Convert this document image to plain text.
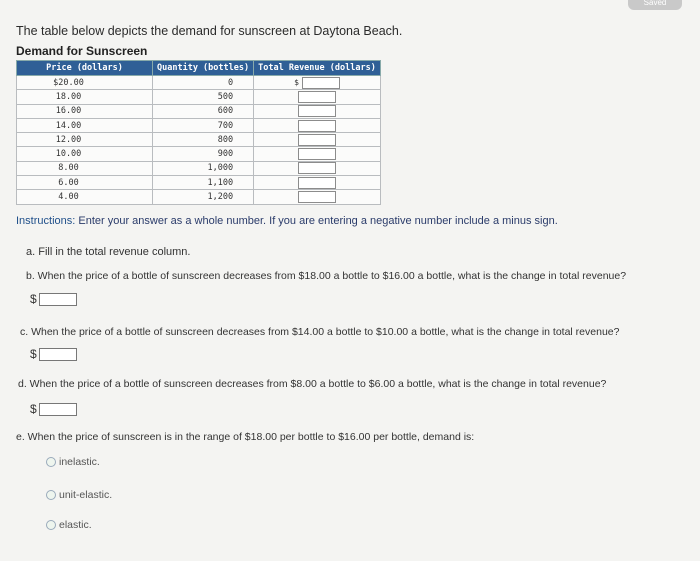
Saved
The table below depicts the demand for sunscreen at Daytona Beach.
Demand for Sunscreen
Price (dollars)	Quantity (bottles)	Total Revenue (dollars)
$20.00	0	$

18.00	500	

16.00	600	

14.00	700	

12.00	800	

10.00	900	

8.00	1,000	

6.00	1,100	

4.00	1,200	
Instructions: Enter your answer as a whole number. If you are entering a negative number include a minus sign.
a. Fill in the total revenue column.
b. When the price of a bottle of sunscreen decreases from $18.00 a bottle to $16.00 a bottle, what is the change in total revenue?
$
c. When the price of a bottle of sunscreen decreases from $14.00 a bottle to $10.00 a bottle, what is the change in total revenue?
$
d. When the price of a bottle of sunscreen decreases from $8.00 a bottle to $6.00 a bottle, what is the change in total revenue?
$
e. When the price of sunscreen is in the range of $18.00 per bottle to $16.00 per bottle, demand is:
inelastic.
unit-elastic.
elastic.
